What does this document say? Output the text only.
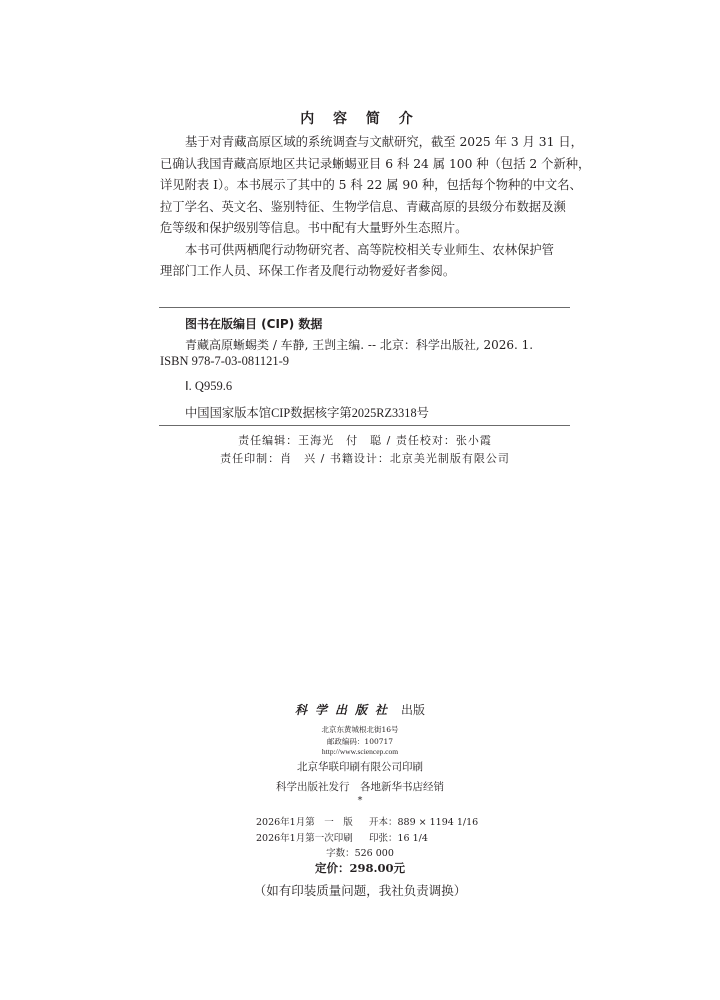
内 容 简 介
基于对青藏高原区域的系统调查与文献研究，截至 2025 年 3 月 31 日，
已确认我国青藏高原地区共记录蜥蜴亚目 6 科 24 属 100 种（包括 2 个新种，
详见附表 I）。本书展示了其中的 5 科 22 属 90 种，包括每个物种的中文名、
拉丁学名、英文名、鉴别特征、生物学信息、青藏高原的县级分布数据及濒
危等级和保护级别等信息。书中配有大量野外生态照片。
本书可供两栖爬行动物研究者、高等院校相关专业师生、农林保护管
理部门工作人员、环保工作者及爬行动物爱好者参阅。
图书在版编目 (CIP) 数据
青藏高原蜥蜴类 / 车静, 王剀主编. -- 北京：科学出版社, 2026. 1.
ISBN 978-7-03-081121-9
Ⅰ. Q959.6
中国国家版本馆CIP数据核字第2025RZ3318号
责任编辑：王海光　付　聪 / 责任校对：张小霞
责任印制：肖　兴 / 书籍设计：北京美光制版有限公司
科学出版社 出版
北京东黄城根北街16号
邮政编码：100717
http://www.sciencep.com
北京华联印刷有限公司印刷
科学出版社发行　各地新华书店经销
*
2026年1月第　一　版 开本：889 × 1194 1/16
2026年1月第一次印刷 印张：16 1/4
字数：526 000
定价：298.00元
（如有印装质量问题，我社负责调换）
